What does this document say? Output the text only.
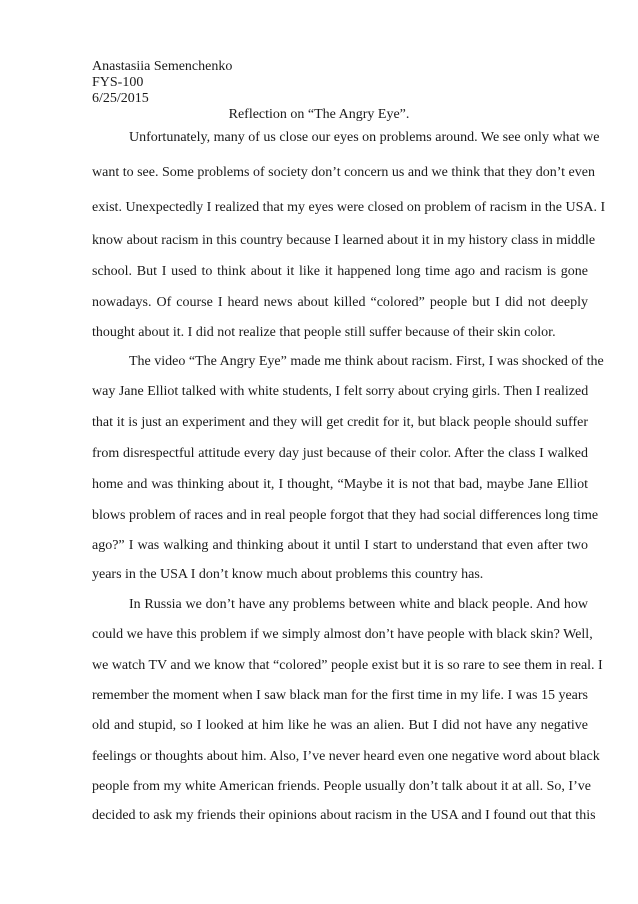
Anastasiia Semenchenko
FYS-100
6/25/2015
Reflection on “The Angry Eye”.
Unfortunately, many of us close our eyes on problems around. We see only what we
want to see. Some problems of society don’t concern us and we think that they don’t even
exist. Unexpectedly I realized that my eyes were closed on problem of racism in the USA. I
know about racism in this country because I learned about it in my history class in middle
school. But I used to think about it like it happened long time ago and racism is gone
nowadays. Of course I heard news about killed “colored” people but I did not deeply
thought about it. I did not realize that people still suffer because of their skin color.
The video “The Angry Eye” made me think about racism. First, I was shocked of the
way Jane Elliot talked with white students, I felt sorry about crying girls. Then I realized
that it is just an experiment and they will get credit for it, but black people should suffer
from disrespectful attitude every day just because of their color. After the class I walked
home and was thinking about it, I thought, “Maybe it is not that bad, maybe Jane Elliot
blows problem of races and in real people forgot that they had social differences long time
ago?” I was walking and thinking about it until I start to understand that even after two
years in the USA I don’t know much about problems this country has.
In Russia we don’t have any problems between white and black people. And how
could we have this problem if we simply almost don’t have people with black skin? Well,
we watch TV and we know that “colored” people exist but it is so rare to see them in real. I
remember the moment when I saw black man for the first time in my life. I was 15 years
old and stupid, so I looked at him like he was an alien. But I did not have any negative
feelings or thoughts about him. Also, I’ve never heard even one negative word about black
people from my white American friends. People usually don’t talk about it at all. So, I’ve
decided to ask my friends their opinions about racism in the USA and I found out that this
